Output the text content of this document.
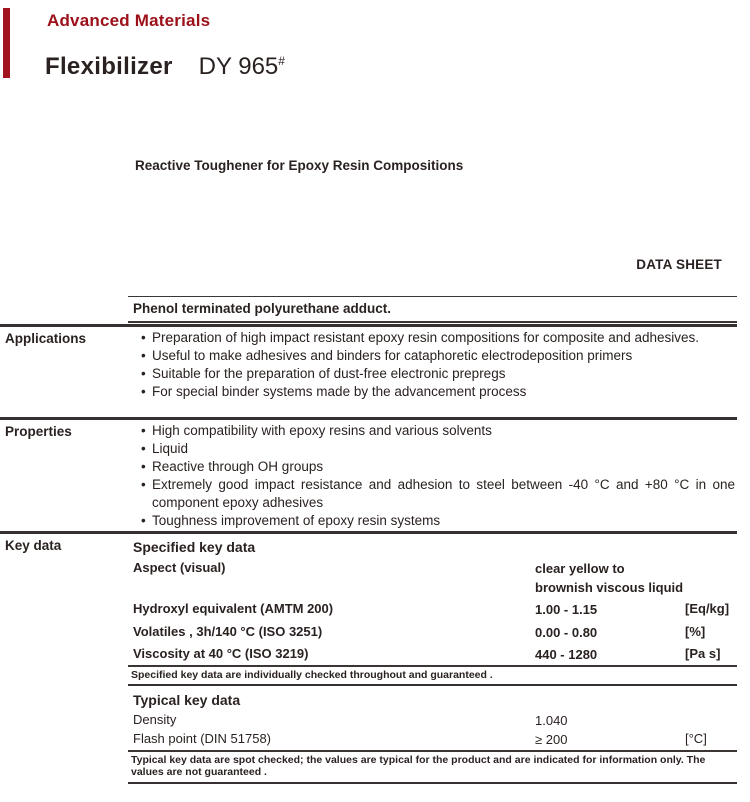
Advanced Materials
Flexibilizer DY 965#
Reactive Toughener for Epoxy Resin Compositions
DATA SHEET
Phenol terminated polyurethane adduct.
Applications	• Preparation of high impact resistant epoxy resin compositions for composite and adhesives.
• Useful to make adhesives and binders for cataphoretic electrodeposition primers
• Suitable for the preparation of dust-free electronic prepregs
• For special binder systems made by the advancement process
Properties	• High compatibility with epoxy resins and various solvents
• Liquid
• Reactive through OH groups
• Extremely good impact resistance and adhesion to steel between -40 °C and +80 °C in one component epoxy adhesives
• Toughness improvement of epoxy resin systems
Key data	Specified key data
Aspect (visual)	clear yellow to brownish viscous liquid
Hydroxyl equivalent (AMTM 200)	1.00 - 1.15	[Eq/kg]
Volatiles , 3h/140 °C (ISO 3251)	0.00 - 0.80	[%]
Viscosity at 40 °C (ISO 3219)	440 - 1280	[Pa s]
Specified key data are individually checked throughout and guaranteed .
Typical key data
Density	1.040
Flash point (DIN 51758)	≥ 200	[°C]
Typical key data are spot checked; the values are typical for the product and are indicated for information only. The values are not guaranteed .
